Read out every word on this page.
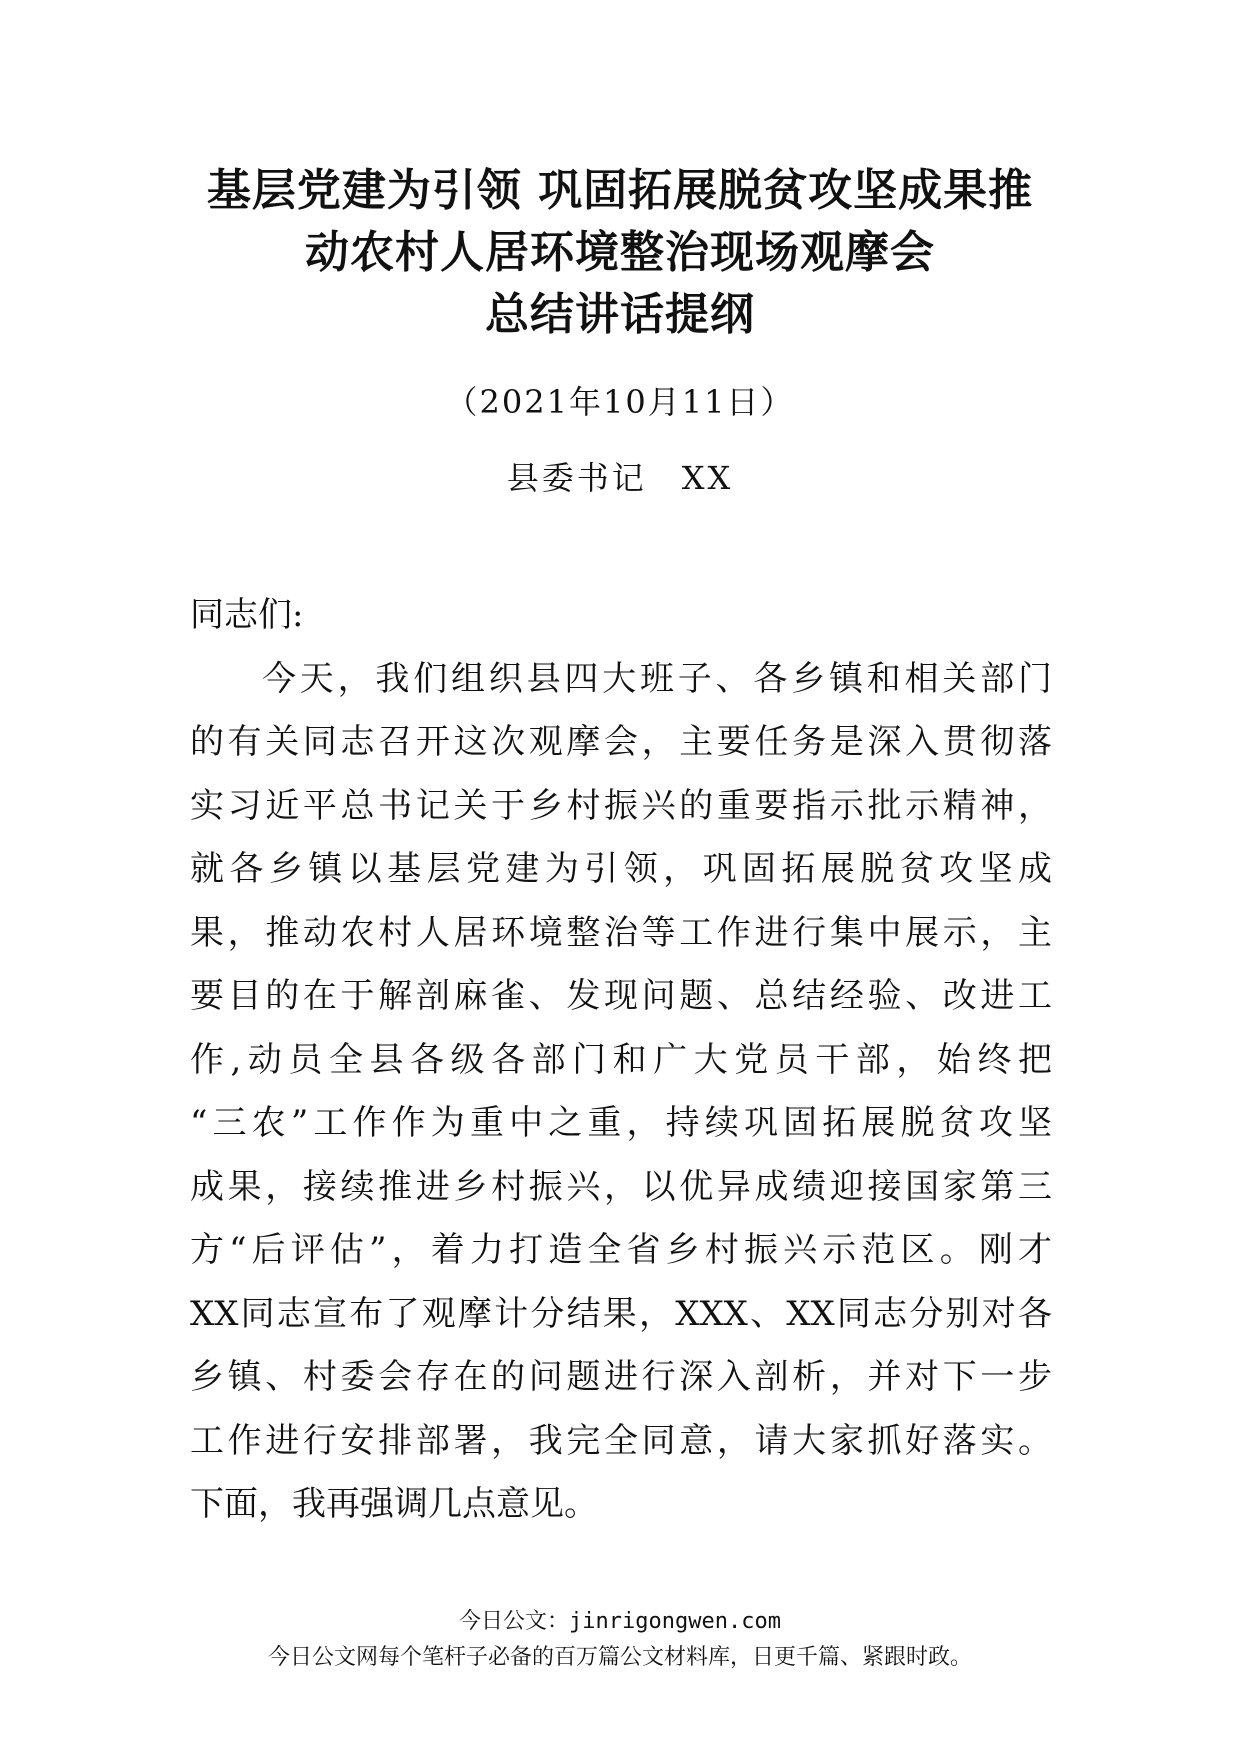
基层党建为引领 巩固拓展脱贫攻坚成果推
动农村人居环境整治现场观摩会
总结讲话提纲
（2021年10月11日）
县委书记　XX
同志们:
今天，我们组织县四大班子、各乡镇和相关部门
的有关同志召开这次观摩会，主要任务是深入贯彻落
实习近平总书记关于乡村振兴的重要指示批示精神，
就各乡镇以基层党建为引领，巩固拓展脱贫攻坚成
果，推动农村人居环境整治等工作进行集中展示，主
要目的在于解剖麻雀、发现问题、总结经验、改进工
作,动员全县各级各部门和广大党员干部，始终把
“三农”工作作为重中之重，持续巩固拓展脱贫攻坚
成果，接续推进乡村振兴，以优异成绩迎接国家第三
方“后评估”，着力打造全省乡村振兴示范区。刚才
XX同志宣布了观摩计分结果，XXX、XX同志分别对各
乡镇、村委会存在的问题进行深入剖析，并对下一步
工作进行安排部署，我完全同意，请大家抓好落实。
下面，我再强调几点意见。
今日公文：jinrigongwen.com
今日公文网每个笔杆子必备的百万篇公文材料库，日更千篇、紧跟时政。
